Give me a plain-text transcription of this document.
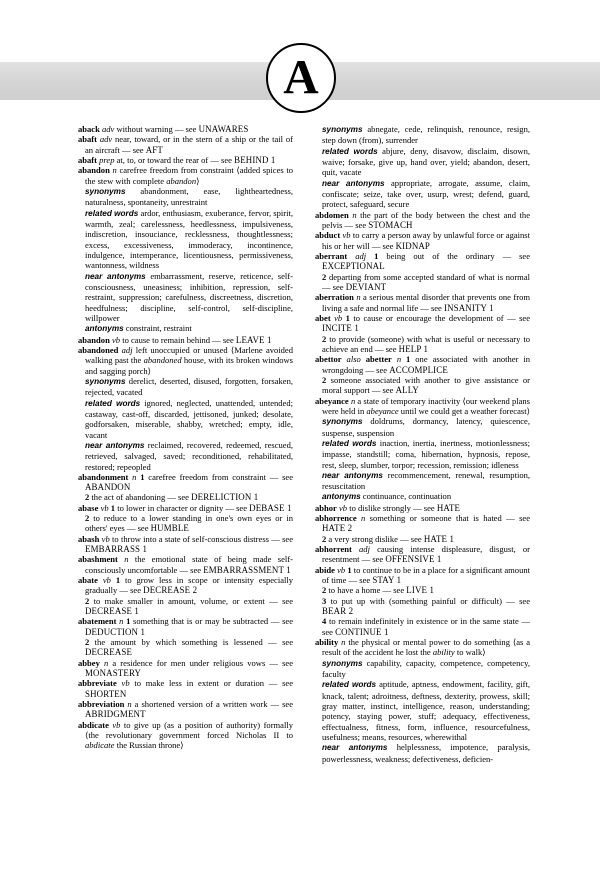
A

aback adv without warning — see UNAWARES

abaft adv near, toward, or in the stern of a ship or the tail of an aircraft — see AFT

abaft prep at, to, or toward the rear of — see BEHIND 1

abandon n carefree freedom from constraint ⟨added spices to the stew with complete abandon⟩

synonyms abandonment, ease, lightheartedness, naturalness, spontaneity, unrestraint

related words ardor, enthusiasm, exuberance, fervor, spirit, warmth, zeal; carelessness, heedlessness, impulsiveness, indiscretion, insouciance, recklessness, thoughtlessness; excess, excessiveness, immoderacy, incontinence, indulgence, intemperance, licentiousness, permissiveness, wantonness, wildness

near antonyms embarrassment, reserve, reticence, self-consciousness, uneasiness; inhibition, repression, self-restraint, suppression; carefulness, discreetness, discretion, heedfulness; discipline, self-control, self-discipline, willpower

antonyms constraint, restraint

abandon vb to cause to remain behind — see LEAVE 1

abandoned adj left unoccupied or unused ⟨Marlene avoided walking past the abandoned house, with its broken windows and sagging porch⟩

synonyms derelict, deserted, disused, forgotten, forsaken, rejected, vacated

related words ignored, neglected, unattended, untended; castaway, cast-off, discarded, jettisoned, junked; desolate, godforsaken, miserable, shabby, wretched; empty, idle, vacant

near antonyms reclaimed, recovered, redeemed, rescued, retrieved, salvaged, saved; reconditioned, rehabilitated, restored; repeopled

abandonment n 1 carefree freedom from constraint — see ABANDON

2 the act of abandoning — see DERELICTION 1

abase vb 1 to lower in character or dignity — see DEBASE 1

2 to reduce to a lower standing in one's own eyes or in others' eyes — see HUMBLE

abash vb to throw into a state of self-conscious distress — see EMBARRASS 1

abashment n the emotional state of being made self-consciously uncomfortable — see EMBARRASSMENT 1

abate vb 1 to grow less in scope or intensity especially gradually — see DECREASE 2

2 to make smaller in amount, volume, or extent — see DECREASE 1

abatement n 1 something that is or may be subtracted — see DEDUCTION 1

2 the amount by which something is lessened — see DECREASE

abbey n a residence for men under religious vows — see MONASTERY

abbreviate vb to make less in extent or duration — see SHORTEN

abbreviation n a shortened version of a written work — see ABRIDGMENT

abdicate vb to give up (as a position of authority) formally ⟨the revolutionary government forced Nicholas II to abdicate the Russian throne⟩

synonyms abnegate, cede, relinquish, renounce, resign, step down (from), surrender

related words abjure, deny, disavow, disclaim, disown, waive; forsake, give up, hand over, yield; abandon, desert, quit, vacate

near antonyms appropriate, arrogate, assume, claim, confiscate; seize, take over, usurp, wrest; defend, guard, protect, safeguard, secure

abdomen n the part of the body between the chest and the pelvis — see STOMACH

abduct vb to carry a person away by unlawful force or against his or her will — see KIDNAP

aberrant adj 1 being out of the ordinary — see EXCEPTIONAL

2 departing from some accepted standard of what is normal — see DEVIANT

aberration n a serious mental disorder that prevents one from living a safe and normal life — see INSANITY 1

abet vb 1 to cause or encourage the development of — see INCITE 1

2 to provide (someone) with what is useful or necessary to achieve an end — see HELP 1

abettor also abetter n 1 one associated with another in wrongdoing — see ACCOMPLICE

2 someone associated with another to give assistance or moral support — see ALLY

abeyance n a state of temporary inactivity ⟨our weekend plans were held in abeyance until we could get a weather forecast⟩

synonyms doldrums, dormancy, latency, quiescence, suspense, suspension

related words inaction, inertia, inertness, motionlessness; impasse, standstill; coma, hibernation, hypnosis, repose, rest, sleep, slumber, torpor; recession, remission; idleness

near antonyms recommencement, renewal, resumption, resuscitation

antonyms continuance, continuation

abhor vb to dislike strongly — see HATE

abhorrence n something or someone that is hated — see HATE 2

2 a very strong dislike — see HATE 1

abhorrent adj causing intense displeasure, disgust, or resentment — see OFFENSIVE 1

abide vb 1 to continue to be in a place for a significant amount of time — see STAY 1

2 to have a home — see LIVE 1

3 to put up with (something painful or difficult) — see BEAR 2

4 to remain indefinitely in existence or in the same state — see CONTINUE 1

ability n the physical or mental power to do something ⟨as a result of the accident he lost the ability to walk⟩

synonyms capability, capacity, competence, competency, faculty

related words aptitude, aptness, endowment, facility, gift, knack, talent; adroitness, deftness, dexterity, prowess, skill; gray matter, instinct, intelligence, reason, understanding; potency, staying power, stuff; adequacy, effectiveness, effectualness, fitness, form, influence, resourcefulness, usefulness; means, resources, wherewithal

near antonyms helplessness, impotence, paralysis, powerlessness, weakness; defectiveness, deficien-
